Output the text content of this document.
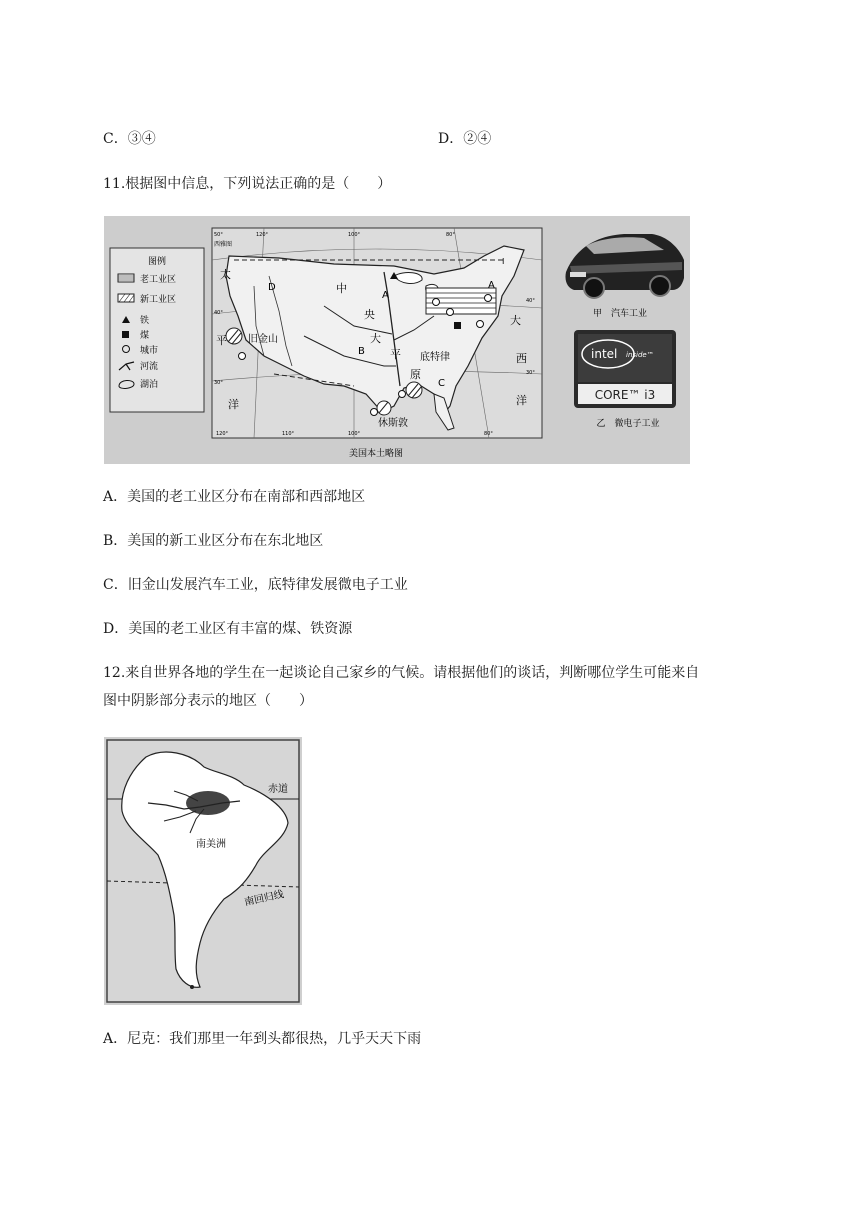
C．③④	D．②④
11.根据图中信息，下列说法正确的是（　　）
图例
老工业区
新工业区
铁
煤
城市
河流
湖泊
西雅图
太
平
洋
旧金山
D	中
央
大
平
原
A
A
B
C
底特律
休斯敦
大
西
洋
I
50°
40°
30°
40°
30°
120°	100°	80°
120°	110°	100°	80°
美国本土略图
甲　汽车工业
intel inside™
CORE™ i3
乙　微电子工业
A．美国的老工业区分布在南部和西部地区
B．美国的新工业区分布在东北地区
C．旧金山发展汽车工业，底特律发展微电子工业
D．美国的老工业区有丰富的煤、铁资源
12.来自世界各地的学生在一起谈论自己家乡的气候。请根据他们的谈话，判断哪位学生可能来自
图中阴影部分表示的地区（　　）
赤道
南回归线
南美洲
A．尼克：我们那里一年到头都很热，几乎天天下雨
